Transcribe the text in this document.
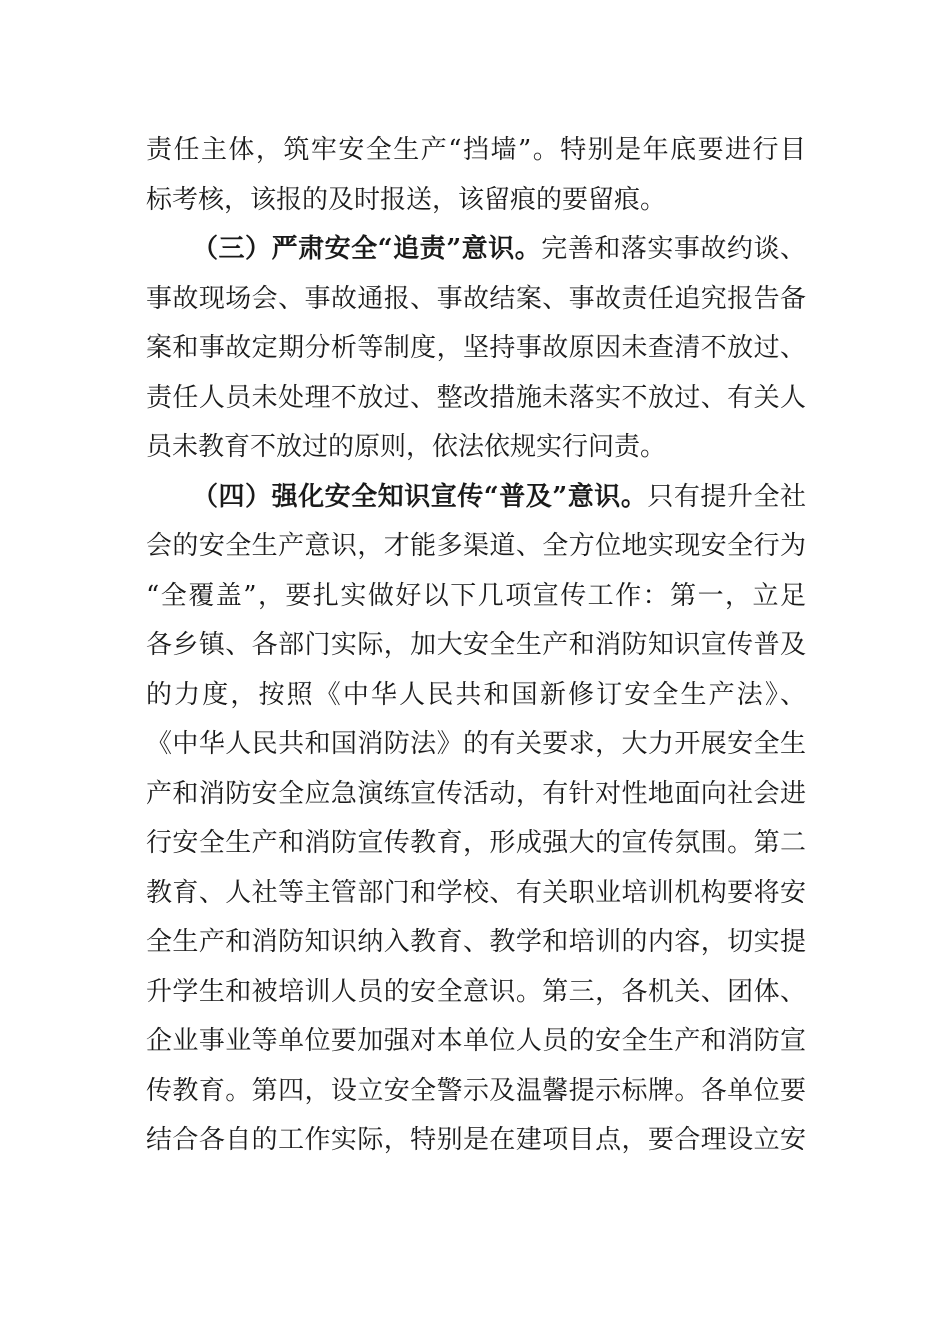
责任主体，筑牢安全生产“挡墙”。特别是年底要进行目
标考核，该报的及时报送，该留痕的要留痕。
（三）严肃安全“追责”意识。完善和落实事故约谈、
事故现场会、事故通报、事故结案、事故责任追究报告备
案和事故定期分析等制度，坚持事故原因未查清不放过、
责任人员未处理不放过、整改措施未落实不放过、有关人
员未教育不放过的原则，依法依规实行问责。
（四）强化安全知识宣传“普及”意识。只有提升全社
会的安全生产意识，才能多渠道、全方位地实现安全行为
“全覆盖”，要扎实做好以下几项宣传工作：第一，立足
各乡镇、各部门实际，加大安全生产和消防知识宣传普及
的力度，按照《中华人民共和国新修订安全生产法》、
《中华人民共和国消防法》的有关要求，大力开展安全生
产和消防安全应急演练宣传活动，有针对性地面向社会进
行安全生产和消防宣传教育，形成强大的宣传氛围。第二
教育、人社等主管部门和学校、有关职业培训机构要将安
全生产和消防知识纳入教育、教学和培训的内容，切实提
升学生和被培训人员的安全意识。第三，各机关、团体、
企业事业等单位要加强对本单位人员的安全生产和消防宣
传教育。第四，设立安全警示及温馨提示标牌。各单位要
结合各自的工作实际，特别是在建项目点，要合理设立安
